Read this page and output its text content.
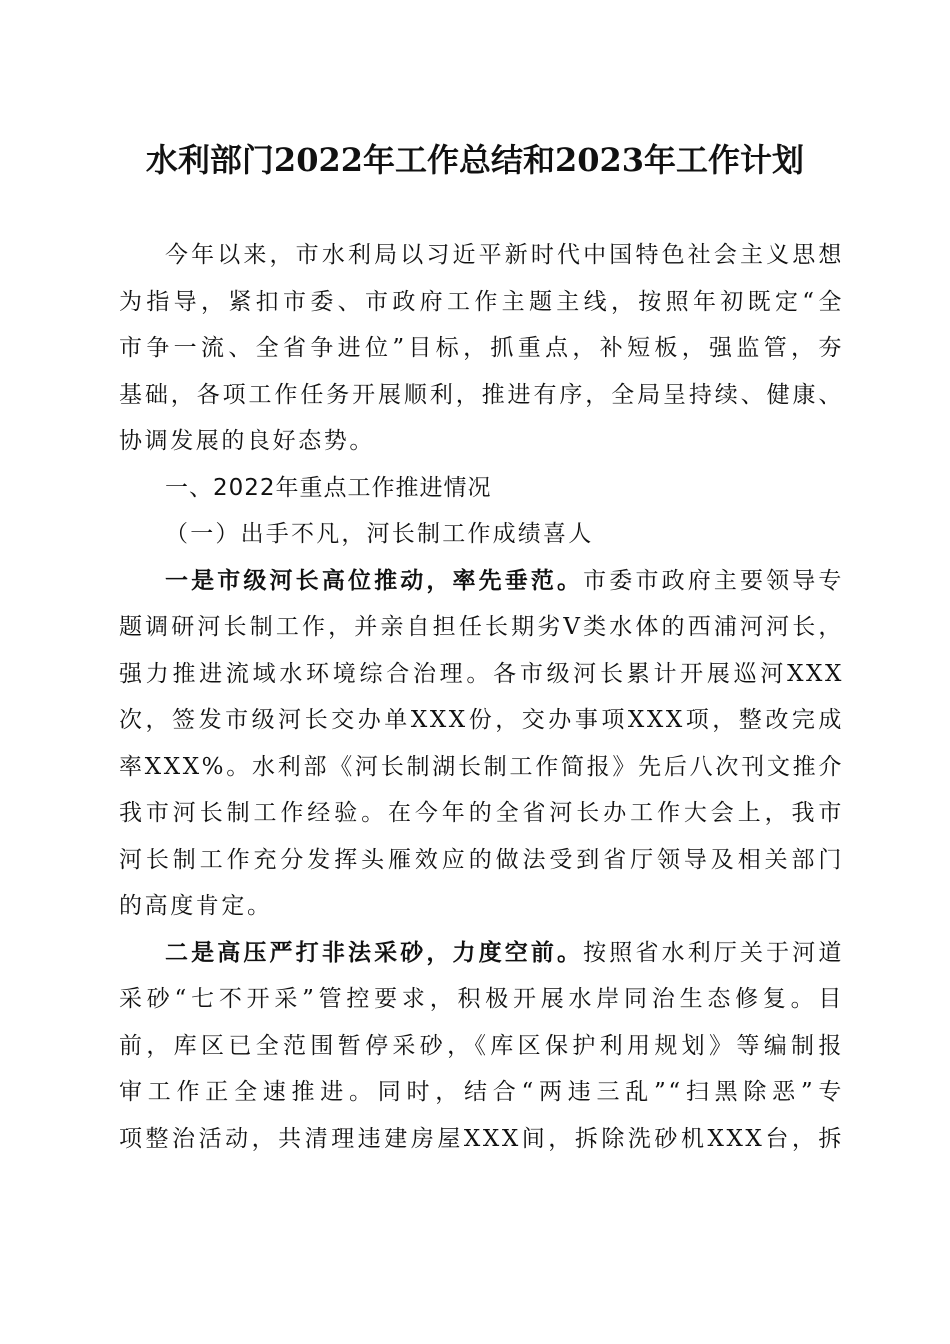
水利部门2022年工作总结和2023年工作计划
今年以来，市水利局以习近平新时代中国特色社会主义思想
为指导，紧扣市委、市政府工作主题主线，按照年初既定“全
市争一流、全省争进位”目标，抓重点，补短板，强监管，夯
基础，各项工作任务开展顺利，推进有序，全局呈持续、健康、
协调发展的良好态势。
一、2022年重点工作推进情况
（一）出手不凡，河长制工作成绩喜人
一是市级河长高位推动，率先垂范。市委市政府主要领导专
题调研河长制工作，并亲自担任长期劣Ⅴ类水体的西浦河河长，
强力推进流域水环境综合治理。各市级河长累计开展巡河XXX
次，签发市级河长交办单XXX份，交办事项XXX项，整改完成
率XXX%。水利部《河长制湖长制工作简报》先后八次刊文推介
我市河长制工作经验。在今年的全省河长办工作大会上，我市
河长制工作充分发挥头雁效应的做法受到省厅领导及相关部门
的高度肯定。
二是高压严打非法采砂，力度空前。按照省水利厅关于河道
采砂“七不开采”管控要求，积极开展水岸同治生态修复。目
前，库区已全范围暂停采砂，《库区保护利用规划》等编制报
审工作正全速推进。同时，结合“两违三乱”“扫黑除恶”专
项整治活动，共清理违建房屋XXX间，拆除洗砂机XXX台，拆
